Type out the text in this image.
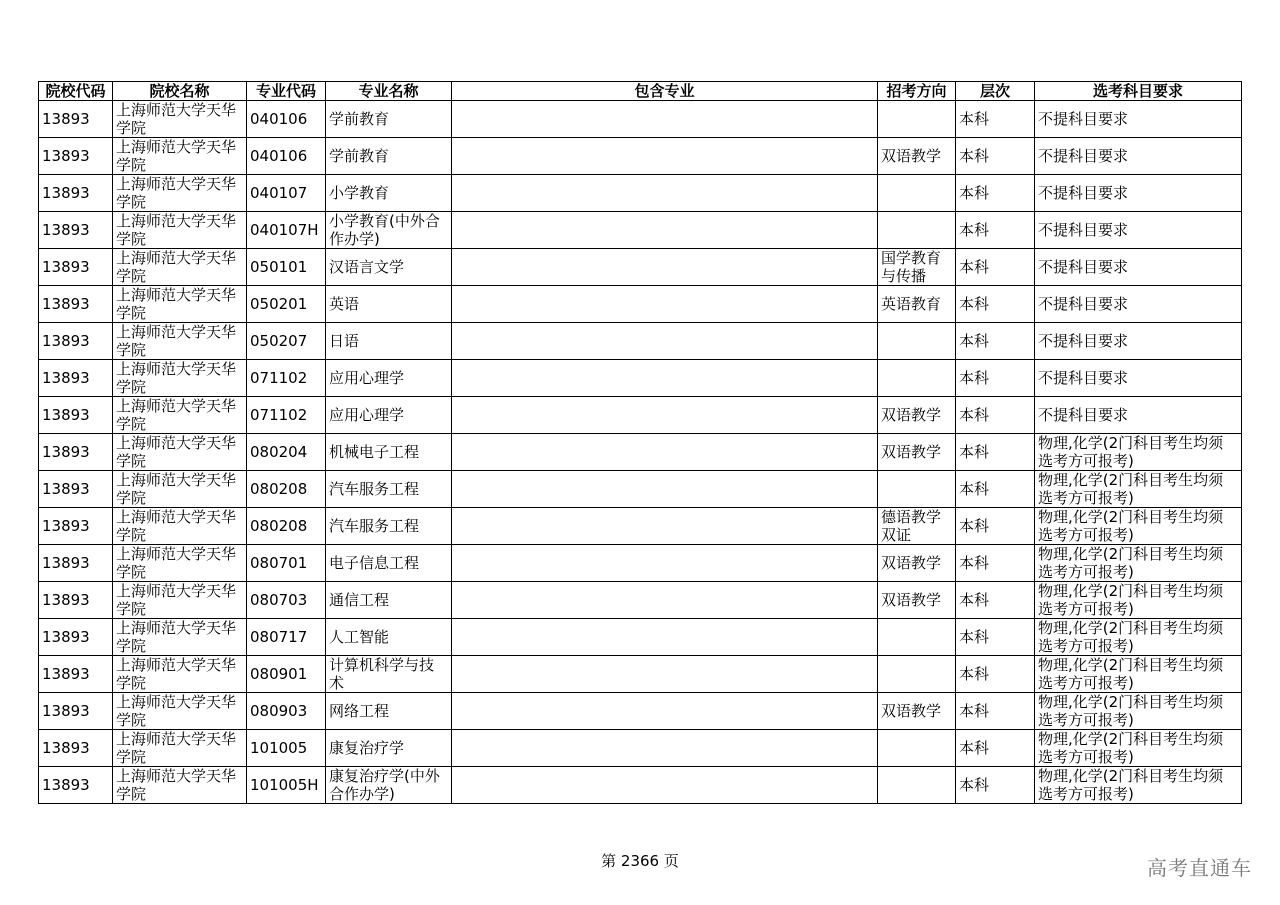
院校代码	院校名称	专业代码	专业名称	包含专业	招考方向	层次	选考科目要求
13893	上海师范大学天华学院	040106	学前教育			本科	不提科目要求
13893	上海师范大学天华学院	040106	学前教育		双语教学	本科	不提科目要求
13893	上海师范大学天华学院	040107	小学教育			本科	不提科目要求
13893	上海师范大学天华学院	040107H	小学教育(中外合作办学)			本科	不提科目要求
13893	上海师范大学天华学院	050101	汉语言文学		国学教育与传播	本科	不提科目要求
13893	上海师范大学天华学院	050201	英语		英语教育	本科	不提科目要求
13893	上海师范大学天华学院	050207	日语			本科	不提科目要求
13893	上海师范大学天华学院	071102	应用心理学			本科	不提科目要求
13893	上海师范大学天华学院	071102	应用心理学		双语教学	本科	不提科目要求
13893	上海师范大学天华学院	080204	机械电子工程		双语教学	本科	物理,化学(2门科目考生均须选考方可报考)
13893	上海师范大学天华学院	080208	汽车服务工程			本科	物理,化学(2门科目考生均须选考方可报考)
13893	上海师范大学天华学院	080208	汽车服务工程		德语教学双证	本科	物理,化学(2门科目考生均须选考方可报考)
13893	上海师范大学天华学院	080701	电子信息工程		双语教学	本科	物理,化学(2门科目考生均须选考方可报考)
13893	上海师范大学天华学院	080703	通信工程		双语教学	本科	物理,化学(2门科目考生均须选考方可报考)
13893	上海师范大学天华学院	080717	人工智能			本科	物理,化学(2门科目考生均须选考方可报考)
13893	上海师范大学天华学院	080901	计算机科学与技术			本科	物理,化学(2门科目考生均须选考方可报考)
13893	上海师范大学天华学院	080903	网络工程		双语教学	本科	物理,化学(2门科目考生均须选考方可报考)
13893	上海师范大学天华学院	101005	康复治疗学			本科	物理,化学(2门科目考生均须选考方可报考)
13893	上海师范大学天华学院	101005H	康复治疗学(中外合作办学)			本科	物理,化学(2门科目考生均须选考方可报考)
第 2366 页	高考直通车
